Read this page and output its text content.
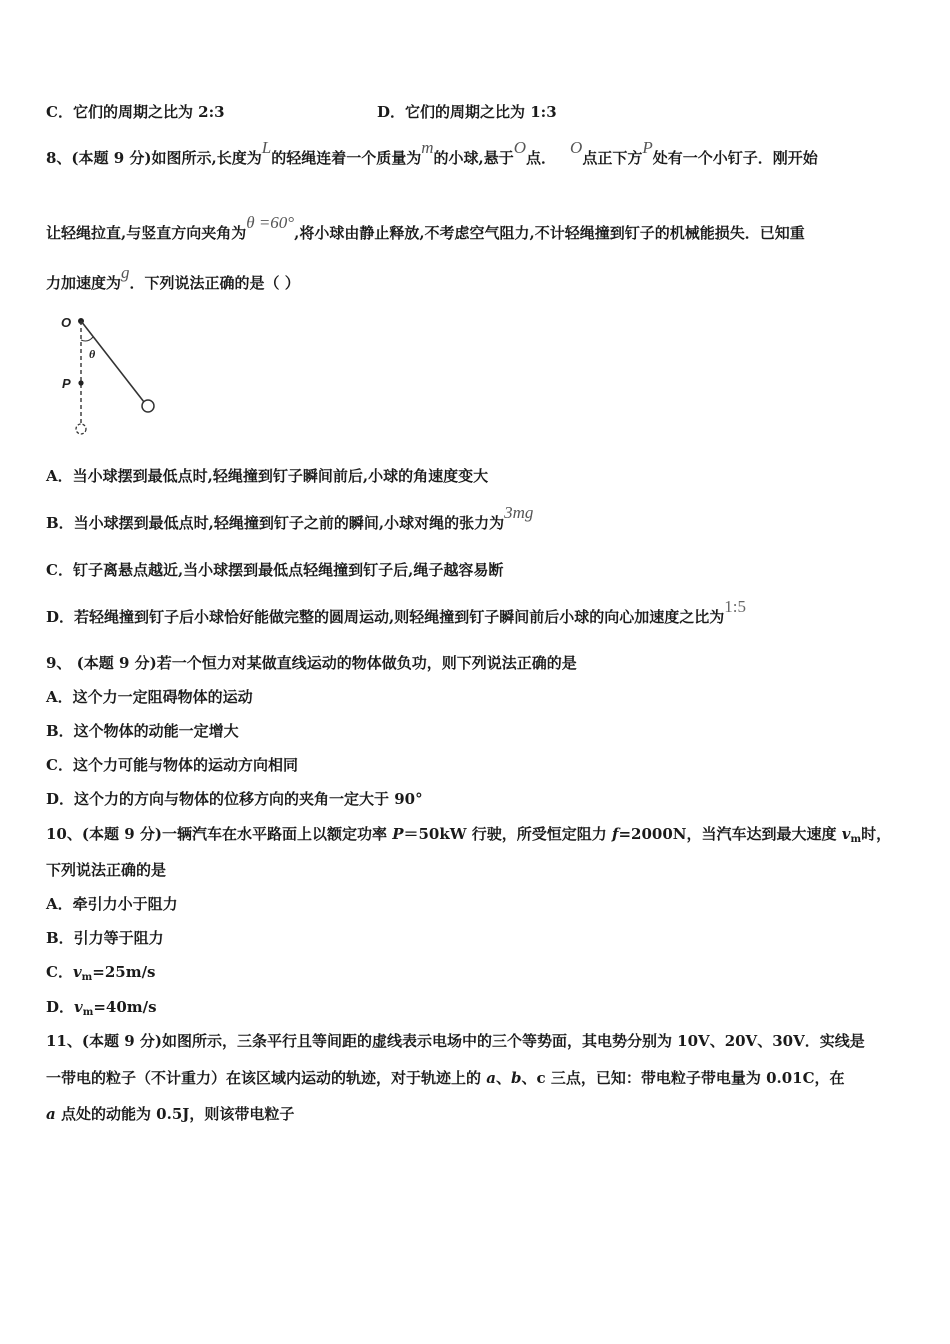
C．它们的周期之比为 2:3	D．它们的周期之比为 1:3
8、(本题 9 分)如图所示,长度为L的轻绳连着一个质量为m的小球,悬于O点．O点正下方P处有一个小钉子．刚开始
让轻绳拉直,与竖直方向夹角为θ =60°,将小球由静止释放,不考虑空气阻力,不计轻绳撞到钉子的机械能损失．已知重
力加速度为g．下列说法正确的是（ ）
O
θ
P
A．当小球摆到最低点时,轻绳撞到钉子瞬间前后,小球的角速度变大
B．当小球摆到最低点时,轻绳撞到钉子之前的瞬间,小球对绳的张力为3mg
C．钉子离悬点越近,当小球摆到最低点轻绳撞到钉子后,绳子越容易断
D．若轻绳撞到钉子后小球恰好能做完整的圆周运动,则轻绳撞到钉子瞬间前后小球的向心加速度之比为1:5
9、 (本题 9 分)若一个恒力对某做直线运动的物体做负功，则下列说法正确的是
A．这个力一定阻碍物体的运动
B．这个物体的动能一定增大
C．这个力可能与物体的运动方向相同
D．这个力的方向与物体的位移方向的夹角一定大于 90°
10、(本题 9 分)一辆汽车在水平路面上以额定功率 P＝50kW 行驶，所受恒定阻力 f=2000N，当汽车达到最大速度 $v_m$时，
下列说法正确的是
A．牵引力小于阻力
B．引力等于阻力
C．$v_m=25m/s$
D．$v_m=40m/s$
11、(本题 9 分)如图所示，三条平行且等间距的虚线表示电场中的三个等势面，其电势分别为 10V、20V、30V．实线是
一带电的粒子（不计重力）在该区域内运动的轨迹，对于轨迹上的 a、b、c 三点，已知：带电粒子带电量为 0.01C，在
a 点处的动能为 0.5J，则该带电粒子
